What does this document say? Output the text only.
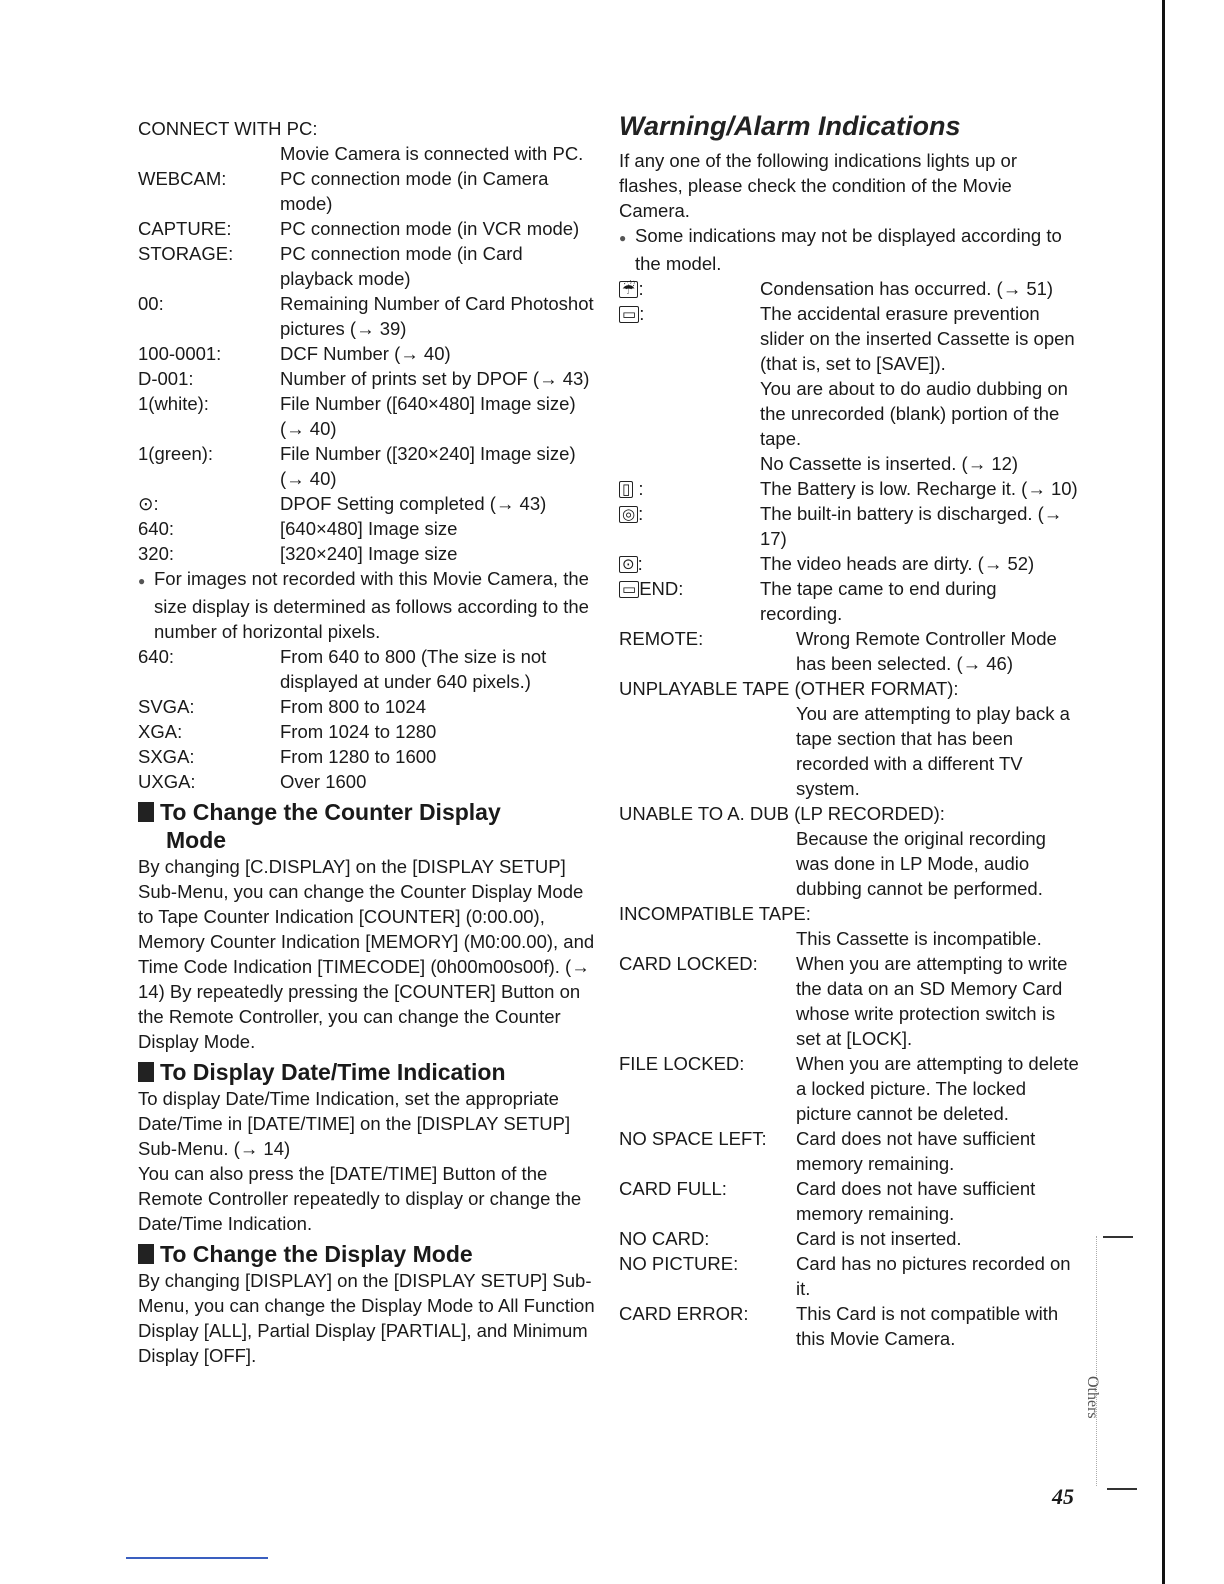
CONNECT WITH PC:
Movie Camera is connected with PC.
WEBCAM:	PC connection mode (in Camera mode)
CAPTURE:	PC connection mode (in VCR mode)
STORAGE:	PC connection mode (in Card playback mode)
00:	Remaining Number of Card Photoshot pictures (→ 39)
100-0001:	DCF Number (→ 40)
D-001:	Number of prints set by DPOF (→ 43)
1(white):	File Number ([640×480] Image size)(→ 40)
1(green):	File Number ([320×240] Image size)(→ 40)
⊙:	DPOF Setting completed (→ 43)
640:	[640×480] Image size
320:	[320×240] Image size
● For images not recorded with this Movie Camera, the size display is determined as follows according to the number of horizontal pixels.
640:	From 640 to 800 (The size is not displayed at under 640 pixels.)
SVGA:	From 800 to 1024
XGA:	From 1024 to 1280
SXGA:	From 1280 to 1600
UXGA:	Over 1600
To Change the Counter Display
Mode

By changing [C.DISPLAY] on the [DISPLAY SETUP] Sub-Menu, you can change the Counter Display Mode to Tape Counter Indication [COUNTER] (0:00.00), Memory Counter Indication [MEMORY] (M0:00.00), and Time Code Indication [TIMECODE] (0h00m00s00f). (→ 14) By repeatedly pressing the [COUNTER] Button on the Remote Controller, you can change the Counter Display Mode.

To Display Date/Time Indication

To display Date/Time Indication, set the appropriate Date/Time in [DATE/TIME] on the [DISPLAY SETUP] Sub-Menu. (→ 14)

You can also press the [DATE/TIME] Button of the Remote Controller repeatedly to display or change the Date/Time Indication.

To Change the Display Mode

By changing [DISPLAY] on the [DISPLAY SETUP] Sub-Menu, you can change the Display Mode to All Function Display [ALL], Partial Display [PARTIAL], and Minimum Display [OFF].

Warning/Alarm Indications
If any one of the following indications lights up or flashes, please check the condition of the Movie Camera.
● Some indications may not be displayed according to the model.
☔ :	Condensation has occurred. (→ 51)
▭ :	The accidental erasure prevention slider on the inserted Cassette is open (that is, set to [SAVE]).
You are about to do audio dubbing on the unrecorded (blank) portion of the tape.
No Cassette is inserted. (→ 12)
▯ :	The Battery is low. Recharge it. (→ 10)
◎ :	The built-in battery is discharged. (→ 17)
⊙ :	The video heads are dirty. (→ 52)
▭ END:	The tape came to end during recording.
REMOTE:	Wrong Remote Controller Mode has been selected. (→ 46)
UNPLAYABLE TAPE (OTHER FORMAT):
You are attempting to play back a tape section that has been recorded with a different TV system.
UNABLE TO A. DUB (LP RECORDED):
Because the original recording was done in LP Mode, audio dubbing cannot be performed.
INCOMPATIBLE TAPE:
This Cassette is incompatible.
CARD LOCKED:	When you are attempting to write the data on an SD Memory Card whose write protection switch is set at [LOCK].
FILE LOCKED:	When you are attempting to delete a locked picture. The locked picture cannot be deleted.
NO SPACE LEFT:	Card does not have sufficient memory remaining.
CARD FULL:	Card does not have sufficient memory remaining.
NO CARD:	Card is not inserted.
NO PICTURE:	Card has no pictures recorded on it.
CARD ERROR:	This Card is not compatible with this Movie Camera.
Others
45
